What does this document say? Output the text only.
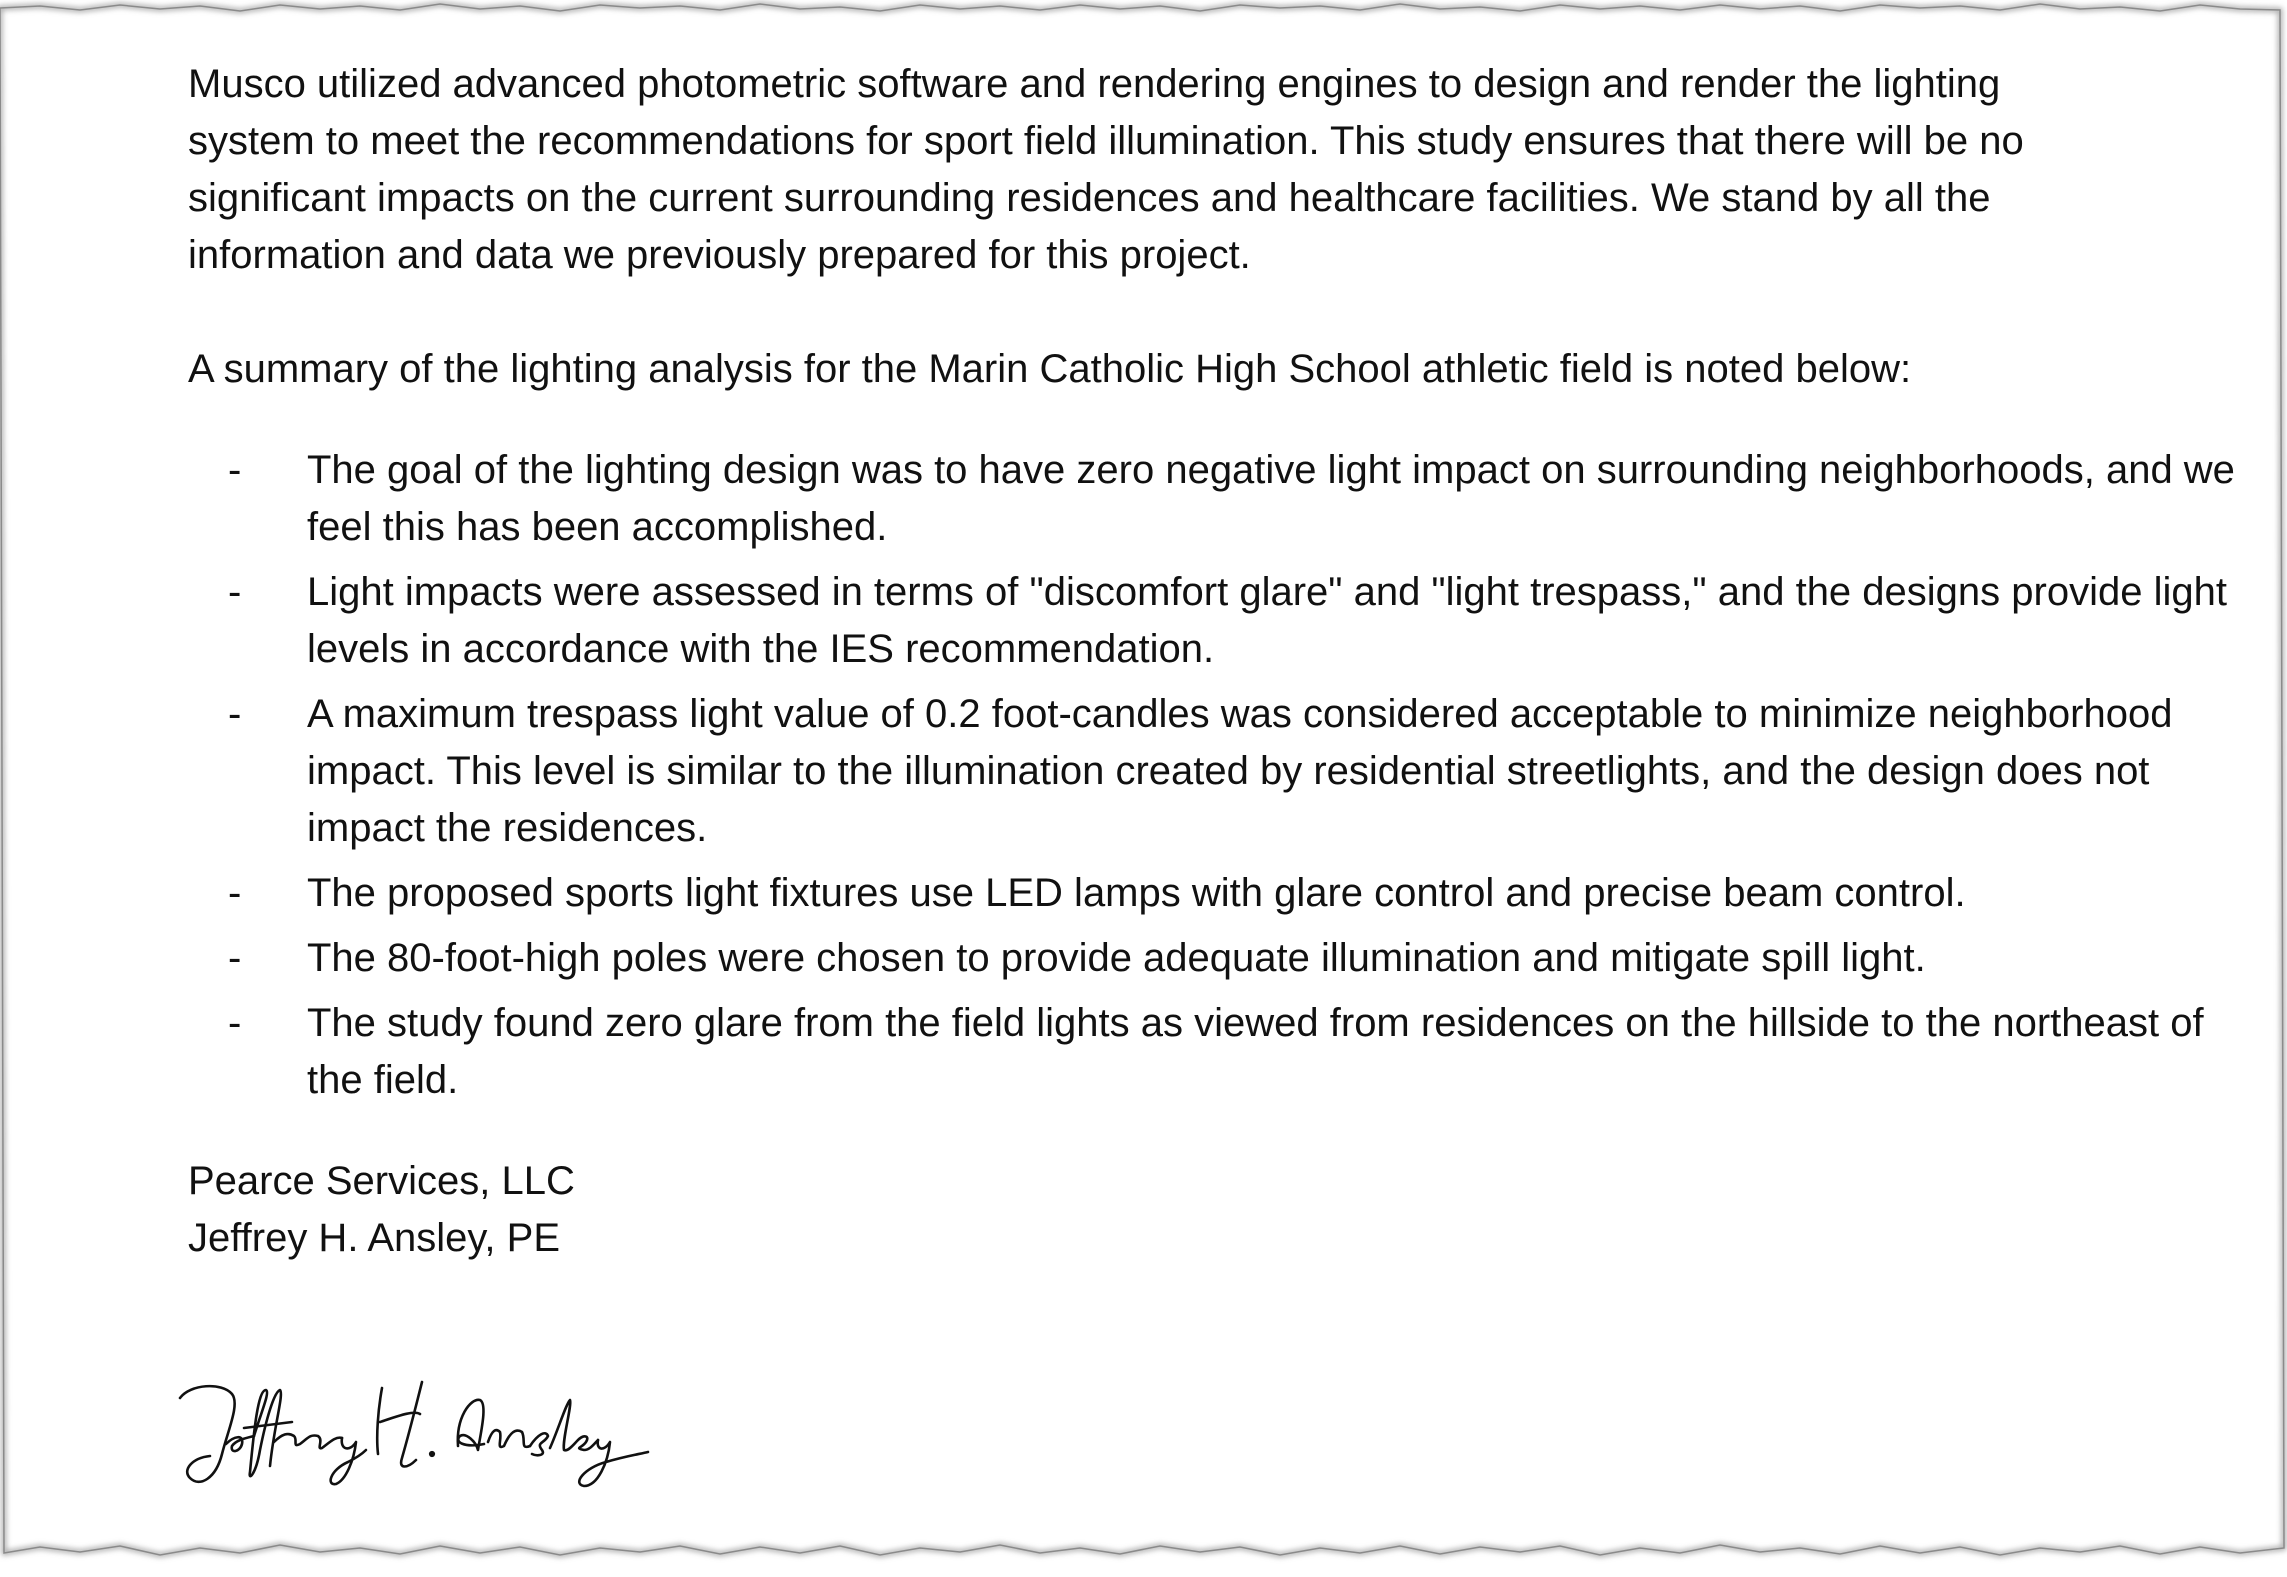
Musco utilized advanced photometric software and rendering engines to design and render the lighting system to meet the recommendations for sport field illumination. This study ensures that there will be no significant impacts on the current surrounding residences and healthcare facilities. We stand by all the information and data we previously prepared for this project.

A summary of the lighting analysis for the Marin Catholic High School athletic field is noted below:

- The goal of the lighting design was to have zero negative light impact on surrounding neighborhoods, and we feel this has been accomplished.
- Light impacts were assessed in terms of "discomfort glare" and "light trespass," and the designs provide light levels in accordance with the IES recommendation.
- A maximum trespass light value of 0.2 foot-candles was considered acceptable to minimize neighborhood impact. This level is similar to the illumination created by residential streetlights, and the design does not impact the residences.
- The proposed sports light fixtures use LED lamps with glare control and precise beam control.
- The 80-foot-high poles were chosen to provide adequate illumination and mitigate spill light.
- The study found zero glare from the field lights as viewed from residences on the hillside to the northeast of the field.
Pearce Services, LLC
Jeffrey H. Ansley, PE
